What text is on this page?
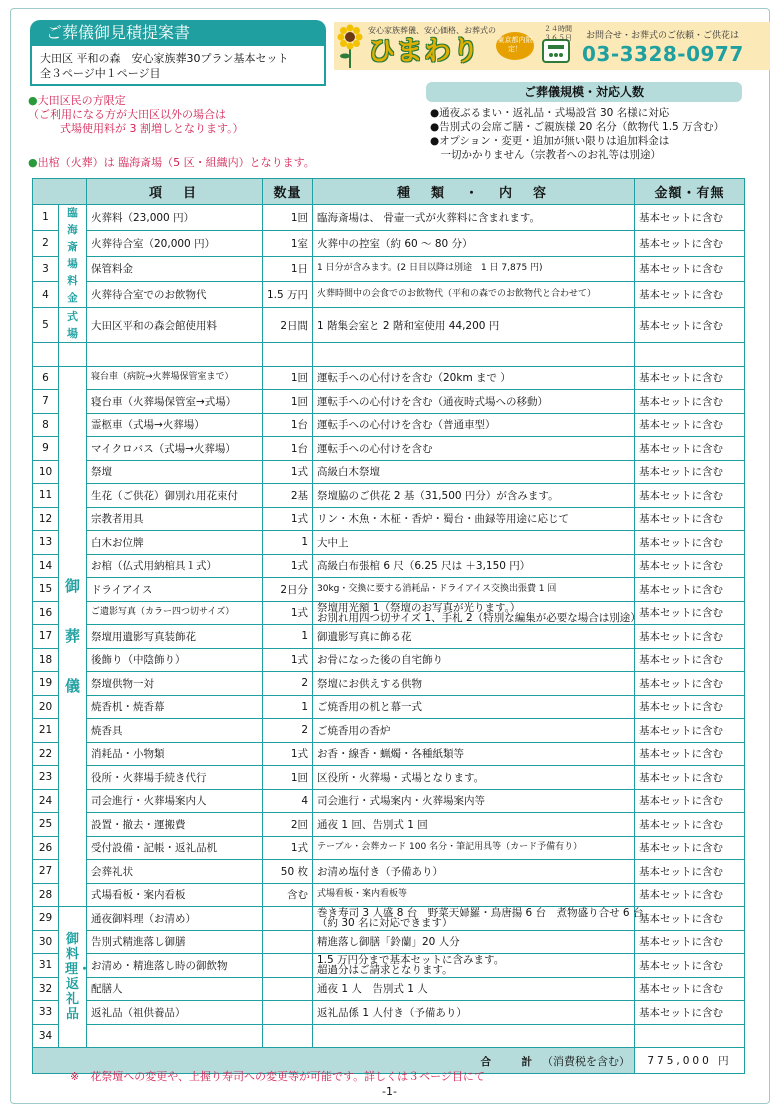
ご葬儀御見積提案書
大田区 平和の森　安心家族葬30プラン基本セット
全３ページ中１ページ目
安心家族葬儀、安心価格、お葬式の
ひまわり	東京都内限定！
２４時間
３６５日 お問合せ・お葬式のご依頼・ご供花は
03-3328-0977
ご葬儀規模・対応人数
●通夜ぶるまい・返礼品・式場設営 30 名様に対応
●告別式の会席ご膳・ご親族様 20 名分（飲物代 1.5 万含む）
●オプション・変更・追加が無い限りは追加料金は
　一切かかりません（宗教者へのお礼等は別途）
●大田区民の方限定
（ご利用になる方が大田区以外の場合は
式場使用料が 3 割増しとなります。）
●出棺（火葬）は 臨海斎場（5 区・組織内）となります。
		項　目	数量	種　類　・　内　容	金額・有無
1	臨海斎場料金	火葬料（23,000 円）	1回	臨海斎場は、 骨壷一式が火葬料に含まれます。	基本セットに含む
2		火葬待合室（20,000 円）	1室	火葬中の控室（約 60 ～ 80 分）	基本セットに含む
3		保管料金	1日	1 日分が含みます。(2 日目以降は別途　1 日 7,875 円)	基本セットに含む
4		火葬待合室でのお飲物代	1.5 万円	火葬時間中の会食でのお飲物代（平和の森でのお飲物代と合わせて）	基本セットに含む
5	式場	大田区平和の森会館使用料	2日間	1 階集会室と 2 階和室使用 44,200 円	基本セットに含む

6	御葬儀	寝台車（病院→火葬場保管室まで）	1回	運転手への心付けを含む（20km まで ）	基本セットに含む
7		寝台車（火葬場保管室→式場）	1回	運転手への心付けを含む（通夜時式場への移動）	基本セットに含む
8		霊柩車（式場→火葬場）	1台	運転手への心付けを含む（普通車型）	基本セットに含む
9		マイクロバス（式場→火葬場）	1台	運転手への心付けを含む	基本セットに含む
10		祭壇	1式	高級白木祭壇	基本セットに含む
11		生花（ご供花）御別れ用花束付	2基	祭壇脇のご供花 2 基（31,500 円分）が含みます。	基本セットに含む
12		宗教者用具	1式	リン・木魚・木柾・香炉・蜀台・曲録等用途に応じて	基本セットに含む
13		白木お位牌	1	大中上	基本セットに含む
14		お棺（仏式用納棺具１式）	1式	高級白布張棺 6 尺（6.25 尺は ＋3,150 円）	基本セットに含む
15		ドライアイス	2日分	30kg・交換に要する消耗品・ドライアイス交換出張費 1 回	基本セットに含む
16		ご遺影写真（カラー四つ切サイズ）	1式	祭壇用光額 1（祭壇のお写真が光ります。）
お別れ用四つ切サイズ 1、手札 2（特別な編集が必要な場合は別途）	基本セットに含む
17		祭壇用遺影写真装飾花	1	御遺影写真に飾る花	基本セットに含む
18		後飾り（中陰飾り）	1式	お骨になった後の自宅飾り	基本セットに含む
19		祭壇供物一対	2	祭壇にお供えする供物	基本セットに含む
20		焼香机・焼香幕	1	ご焼香用の机と幕一式	基本セットに含む
21		焼香具	2	ご焼香用の香炉	基本セットに含む
22		消耗品・小物類	1式	お香・線香・蝋燭・各種紙類等	基本セットに含む
23		役所・火葬場手続き代行	1回	区役所・火葬場・式場となります。	基本セットに含む
24		司会進行・火葬場案内人	4	司会進行・式場案内・火葬場案内等	基本セットに含む
25		設置・撤去・運搬費	2回	通夜 1 回、告別式 1 回	基本セットに含む
26		受付設備・記帳・返礼品机	1式	テーブル・会葬カード 100 名分・筆記用具等（カード予備有り）	基本セットに含む
27		会葬礼状	50 枚	お清め塩付き（予備あり）	基本セットに含む
28		式場看板・案内看板	含む	式場看板・案内看板等	基本セットに含む
29	御料理・返礼品	通夜御料理（お清め）		巻き寿司 3 人盛 8 台　野菜天婦羅・鳥唐揚 6 台　煮物盛り合せ 6 台
（約 30 名に対応できます）	基本セットに含む
30		告別式精進落し御膳		精進落し御膳「鈴蘭」20 人分	基本セットに含む
31		お清め・精進落し時の御飲物		1.5 万円分まで基本セットに含みます。
超過分はご請求となります。	基本セットに含む
32		配膳人		通夜 1 人　告別式 1 人	基本セットに含む
33		返礼品（祖供養品）		返礼品係 1 人付き（予備あり）	基本セットに含む
34					
合　計（消費税を含む）					775,000 円
※　花祭壇への変更や、上握り寿司への変更等が可能です。詳しくは３ページ目にて
-1-
